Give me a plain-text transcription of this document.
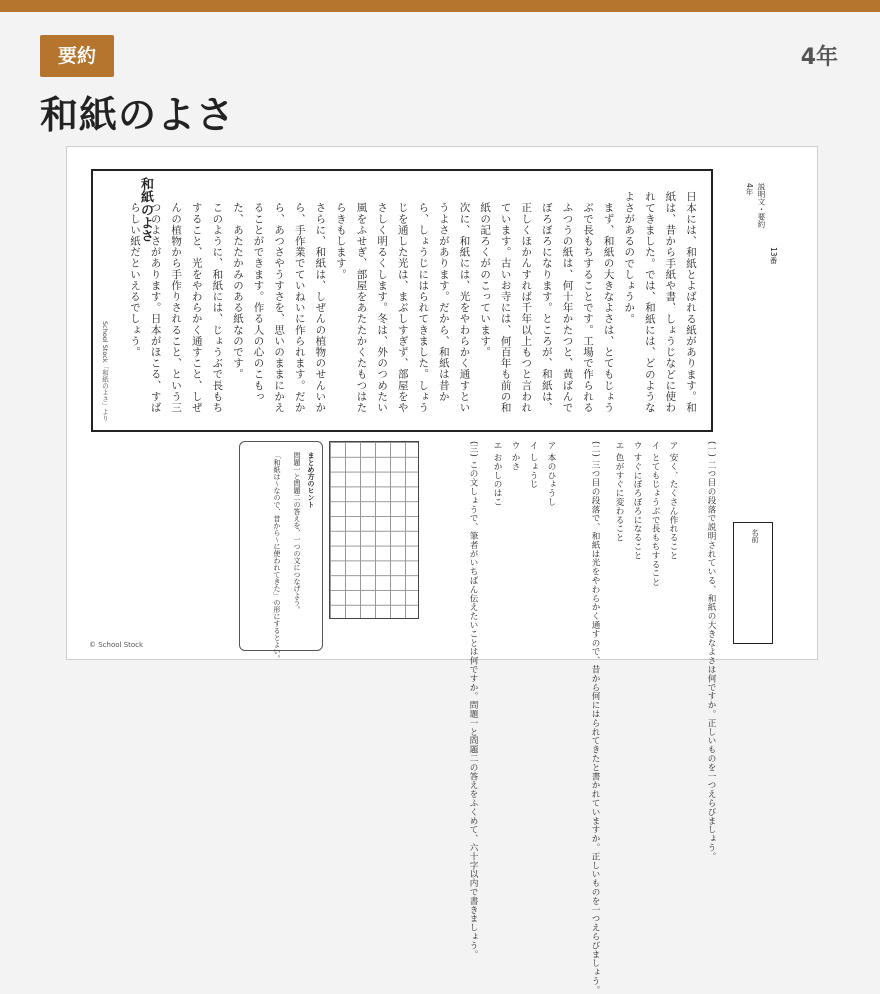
要約	4年
和紙のよさ
和紙のよさ	4年 説明文・要約
13番

日本には、和紙とよばれる紙があります。和紙は、昔から手紙や書、しょうじなどに使われてきました。では、和紙には、どのようなよさがあるのでしょうか。

まず、和紙の大きなよさは、とてもじょうぶで長もちすることです。工場で作られるふつうの紙は、何十年かたつと、黄ばんでぼろぼろになります。ところが、和紙は、正しくほかんすれば千年以上もつと言われています。古いお寺には、何百年も前の和紙の記ろくがのこっています。

次に、和紙には、光をやわらかく通すというよさがあります。だから、和紙は昔から、しょうじにはられてきました。しょうじを通した光は、まぶしすぎず、部屋をやさしく明るくします。冬は、外のつめたい風をふせぎ、部屋をあたたかくたもつはたらきもします。

さらに、和紙は、しぜんの植物のせんいから、手作業でていねいに作られます。だから、あつさやうすさを、思いのままにかえることができます。作る人の心のこもった、あたたかみのある紙なのです。

このように、和紙には、じょうぶで長もちすること、光をやわらかく通すこと、しぜんの植物から手作りされること、という三つのよさがあります。日本がほこる、すばらしい紙だといえるでしょう。

School Stock「和紙のよさ」より
名前
(一) 二つ目の段落で説明されている、和紙の大きなよさは何ですか。正しいものを一つえらびましょう。
ア 安く、たくさん作れること
イ とてもじょうぶで長もちすること
ウ すぐにぼろぼろになること
エ 色がすぐに変わること
(二) 三つ目の段落で、和紙は光をやわらかく通すので、昔から何にはられてきたと書かれていますか。正しいものを一つえらびましょう。
ア 本のひょうし
イ しょうじ
ウ かさ
エ おかしのはこ
(三) この文しょうで、筆者がいちばん伝えたいことは何ですか。問題一と問題二の答えをふくめて、六十字以内で書きましょう。
まとめ方のヒント
問題一と問題二の答えを、一つの文につなげよう。
「和紙は〜なので、昔から〜に使われてきた」の形にするとよい。
© School Stock
